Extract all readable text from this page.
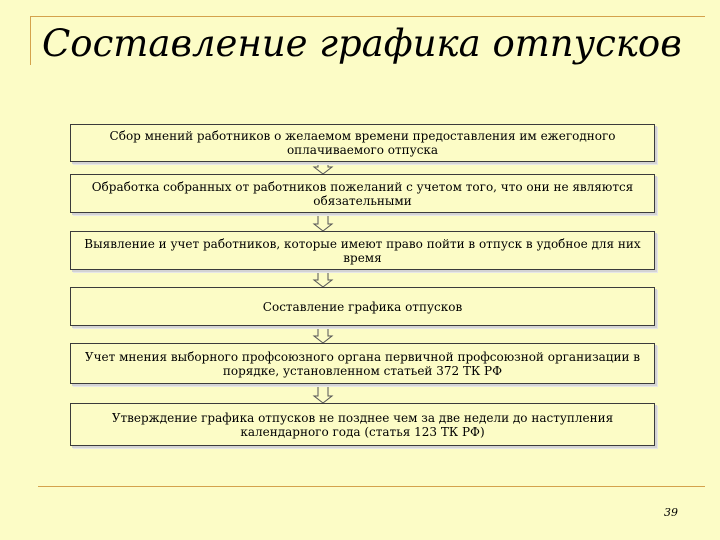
Составление графика отпусков
Сбор мнений работников о желаемом времени предоставления им ежегодного оплачиваемого отпуска
Обработка собранных от работников пожеланий с учетом того, что они не являются обязательными
Выявление и учет работников, которые имеют право пойти в отпуск в удобное для них время
Составление графика отпусков
Учет мнения выборного профсоюзного органа первичной профсоюзной организации в порядке, установленном статьей 372 ТК РФ
Утверждение графика отпусков не позднее чем за две недели до наступления календарного года (статья 123 ТК РФ)
39
